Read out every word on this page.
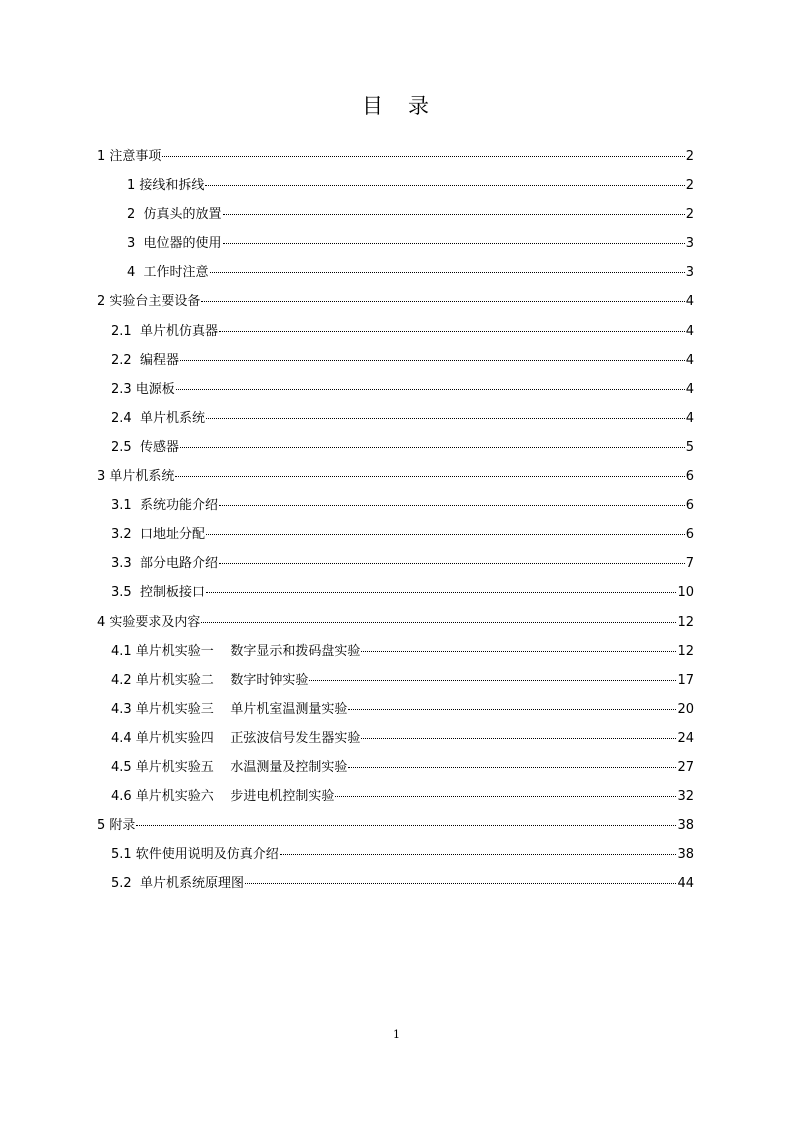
目　录
1 注意事项	2
1 接线和拆线	2
2  仿真头的放置	2
3  电位器的使用	3
4  工作时注意	3
2 实验台主要设备	4
2.1  单片机仿真器	4
2.2  编程器	4
2.3 电源板	4
2.4  单片机系统	4
2.5  传感器	5
3 单片机系统	6
3.1  系统功能介绍	6
3.2  口地址分配	6
3.3  部分电路介绍	7
3.5  控制板接口	10
4 实验要求及内容	12
4.1 单片机实验一    数字显示和拨码盘实验	12
4.2 单片机实验二    数字时钟实验	17
4.3 单片机实验三    单片机室温测量实验	20
4.4 单片机实验四    正弦波信号发生器实验	24
4.5 单片机实验五    水温测量及控制实验	27
4.6 单片机实验六    步进电机控制实验	32
5 附录	38
5.1 软件使用说明及仿真介绍	38
5.2  单片机系统原理图	44
1
